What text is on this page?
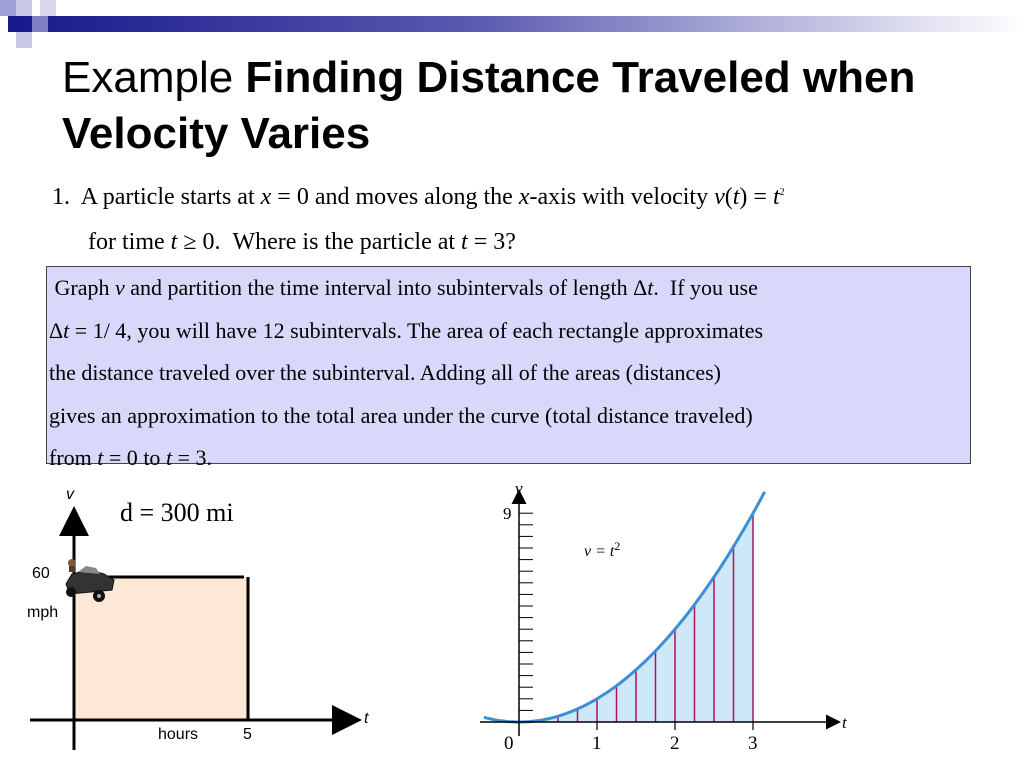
Example Finding Distance Traveled when Velocity Varies
1. A particle starts at x = 0 and moves along the x-axis with velocity $v(t) = t^2$
for time t ≥ 0.  Where is the particle at t = 3?
Graph v and partition the time interval into subintervals of length Δt.  If you use
Δt = 1/ 4, you will have 12 subintervals. The area of each rectangle approximates
the distance traveled over the subinterval. Adding all of the areas (distances)
gives an approximation to the total area under the curve (total distance traveled)
from t = 0 to t = 3.
v
t
60
mph
hours	5
d = 300 mi	9
0	1	2	3
v
t
$v = t^2$
